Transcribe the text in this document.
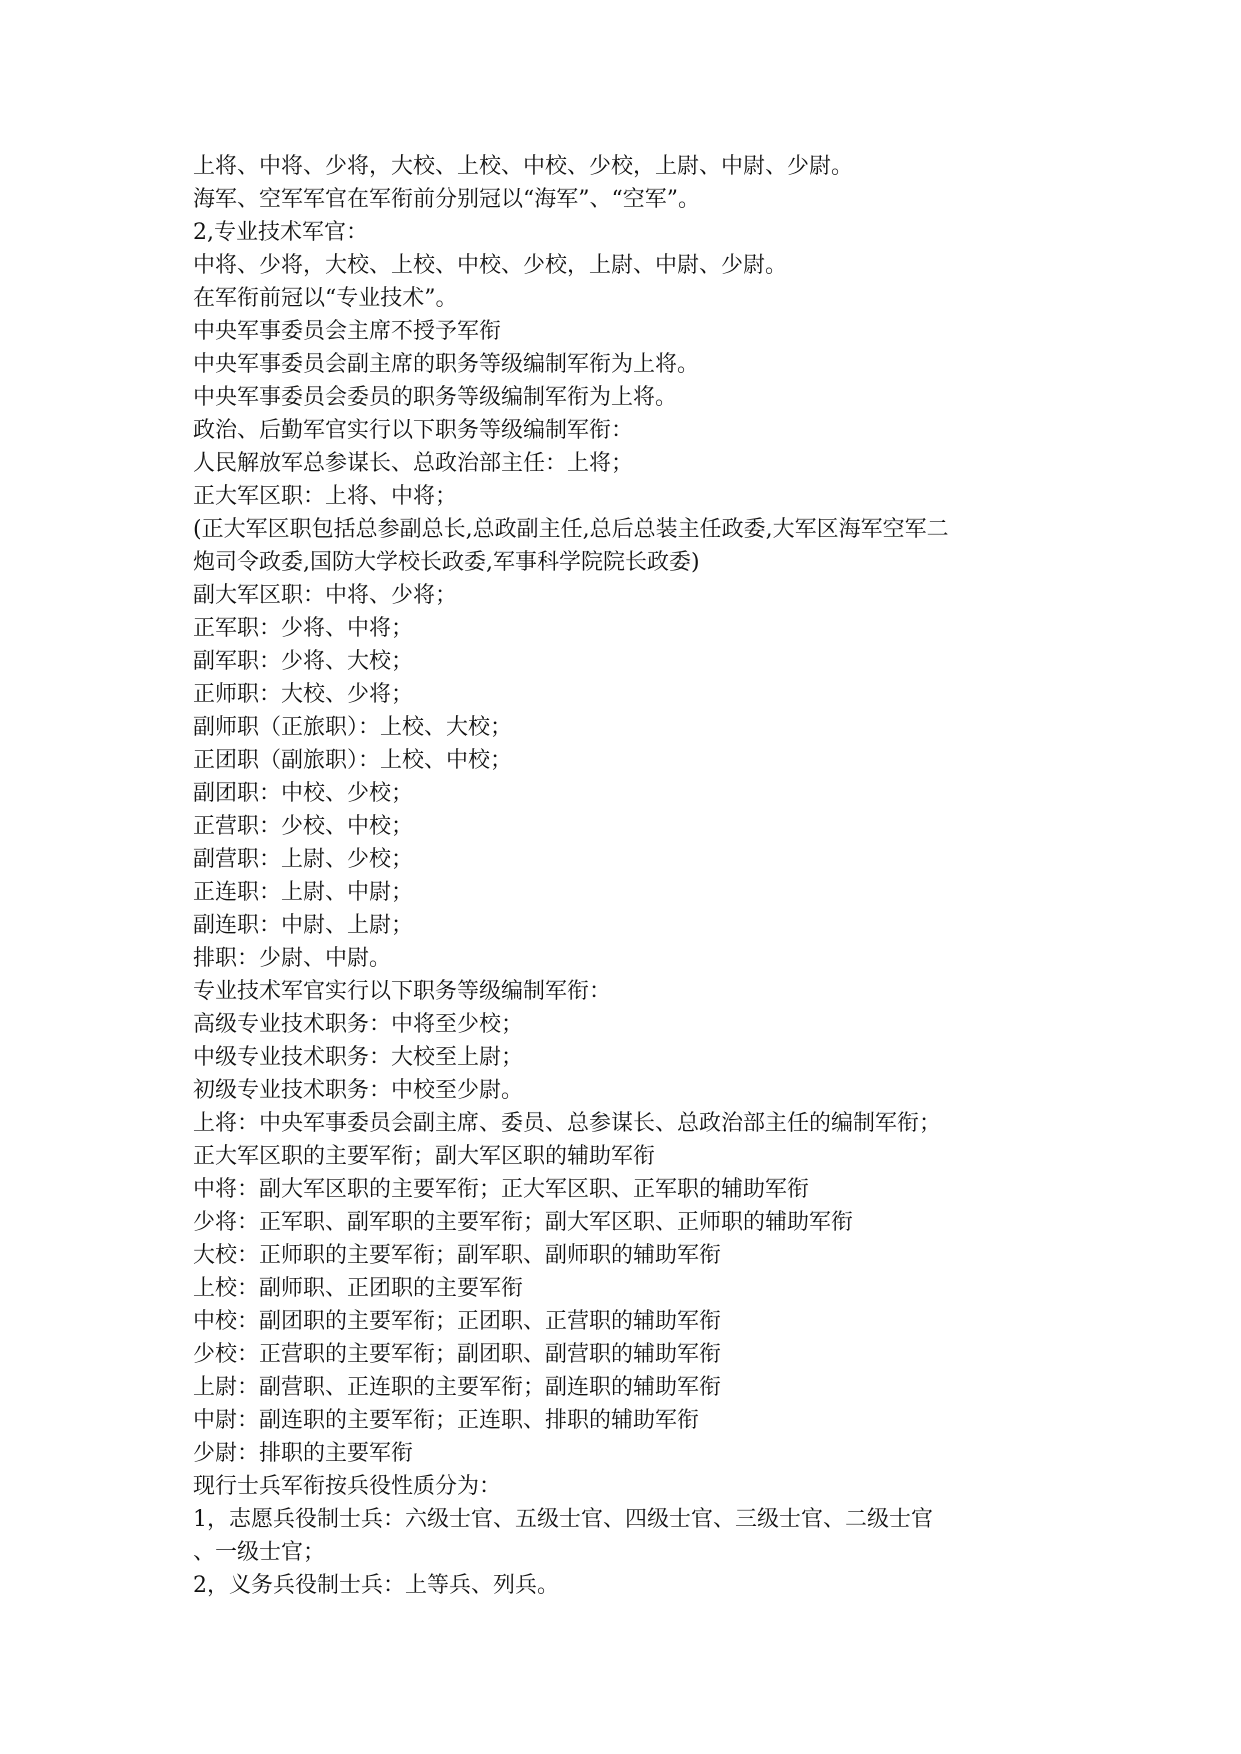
上将、中将、少将，大校、上校、中校、少校，上尉、中尉、少尉。

海军、空军军官在军衔前分别冠以“海军”、“空军”。

2,专业技术军官：

中将、少将，大校、上校、中校、少校，上尉、中尉、少尉。

在军衔前冠以“专业技术”。

中央军事委员会主席不授予军衔

中央军事委员会副主席的职务等级编制军衔为上将。

中央军事委员会委员的职务等级编制军衔为上将。

政治、后勤军官实行以下职务等级编制军衔：

人民解放军总参谋长、总政治部主任：上将；

正大军区职：上将、中将；

(正大军区职包括总参副总长,总政副主任,总后总装主任政委,大军区海军空军二

炮司令政委,国防大学校长政委,军事科学院院长政委)

副大军区职：中将、少将；

正军职：少将、中将；

副军职：少将、大校；

正师职：大校、少将；

副师职（正旅职）：上校、大校；

正团职（副旅职）：上校、中校；

副团职：中校、少校；

正营职：少校、中校；

副营职：上尉、少校；

正连职：上尉、中尉；

副连职：中尉、上尉；

排职：少尉、中尉。

专业技术军官实行以下职务等级编制军衔：

高级专业技术职务：中将至少校；

中级专业技术职务：大校至上尉；

初级专业技术职务：中校至少尉。

上将：中央军事委员会副主席、委员、总参谋长、总政治部主任的编制军衔；

正大军区职的主要军衔；副大军区职的辅助军衔

中将：副大军区职的主要军衔；正大军区职、正军职的辅助军衔

少将：正军职、副军职的主要军衔；副大军区职、正师职的辅助军衔

大校：正师职的主要军衔；副军职、副师职的辅助军衔

上校：副师职、正团职的主要军衔

中校：副团职的主要军衔；正团职、正营职的辅助军衔

少校：正营职的主要军衔；副团职、副营职的辅助军衔

上尉：副营职、正连职的主要军衔；副连职的辅助军衔

中尉：副连职的主要军衔；正连职、排职的辅助军衔

少尉：排职的主要军衔

现行士兵军衔按兵役性质分为：

1，志愿兵役制士兵：六级士官、五级士官、四级士官、三级士官、二级士官

、一级士官；

2，义务兵役制士兵：上等兵、列兵。
